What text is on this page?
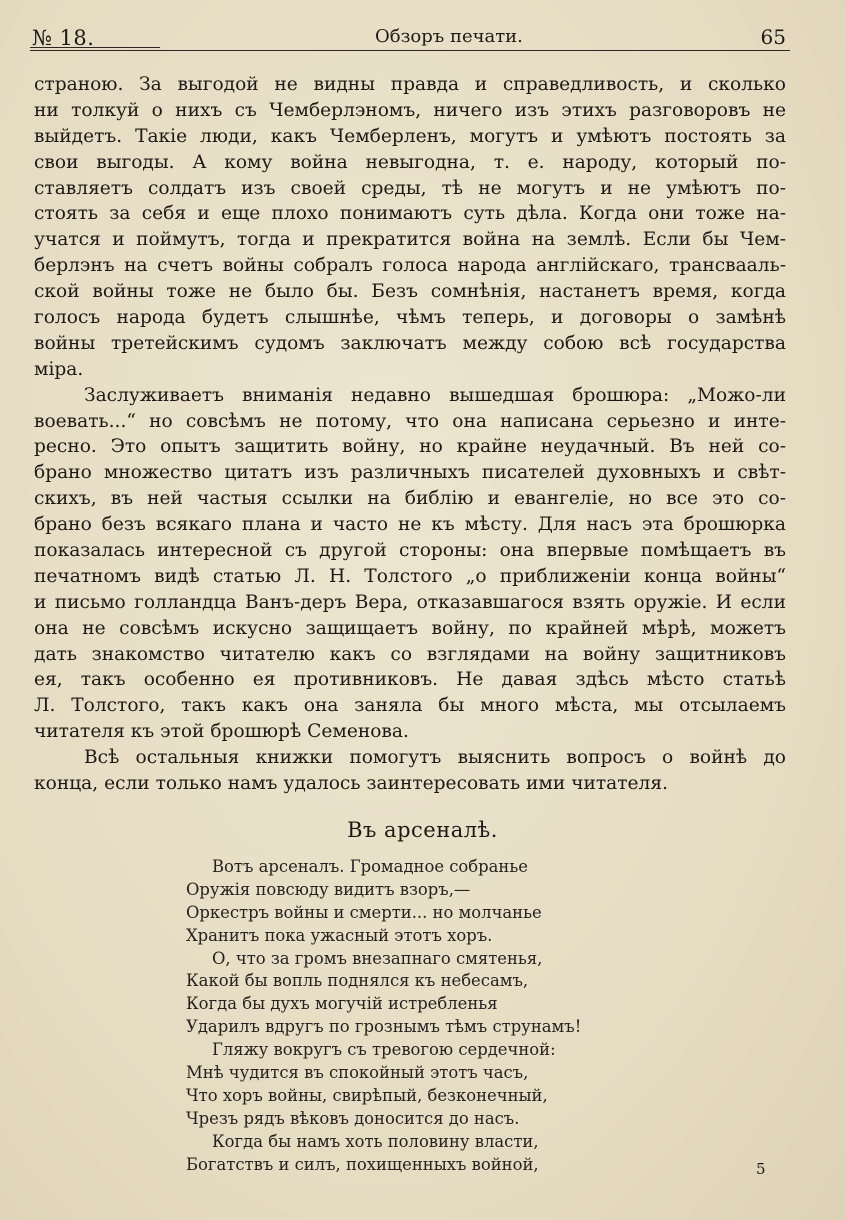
№ 18.	Обзоръ печати.	65
страною. За выгодой не видны правда и справедливость, и сколько
ни толкуй о нихъ съ Чемберлэномъ, ничего изъ этихъ разговоровъ не
выйдетъ. Такіе люди, какъ Чемберленъ, могутъ и умѣютъ постоять за
свои выгоды. А кому война невыгодна, т. е. народу, который по-
ставляетъ солдатъ изъ своей среды, тѣ не могутъ и не умѣютъ по-
стоять за себя и еще плохо понимаютъ суть дѣла. Когда они тоже на-
учатся и поймутъ, тогда и прекратится война на землѣ. Если бы Чем-
берлэнъ на счетъ войны собралъ голоса народа англійскаго, трансвааль-
ской войны тоже не было бы. Безъ сомнѣнія, настанетъ время, когда
голосъ народа будетъ слышнѣе, чѣмъ теперь, и договоры о замѣнѣ
войны третейскимъ судомъ заключатъ между собою всѣ государства
міра.
Заслуживаетъ вниманія недавно вышедшая брошюра: „Можо-ли
воевать...“ но совсѣмъ не потому, что она написана серьезно и инте-
ресно. Это опытъ защитить войну, но крайне неудачный. Въ ней со-
брано множество цитатъ изъ различныхъ писателей духовныхъ и свѣт-
скихъ, въ ней частыя ссылки на библію и евангеліе, но все это со-
брано безъ всякаго плана и часто не къ мѣсту. Для насъ эта брошюрка
показалась интересной съ другой стороны: она впервые помѣщаетъ въ
печатномъ видѣ статью Л. Н. Толстого „о приближеніи конца войны“
и письмо голландца Ванъ-деръ Вера, отказавшагося взять оружіе. И если
она не совсѣмъ искусно защищаетъ войну, по крайней мѣрѣ, можетъ
дать знакомство читателю какъ со взглядами на войну защитниковъ
ея, такъ особенно ея противниковъ. Не давая здѣсь мѣсто статьѣ
Л. Толстого, такъ какъ она заняла бы много мѣста, мы отсылаемъ
читателя къ этой брошюрѣ Семенова.
Всѣ остальныя книжки помогутъ выяснить вопросъ о войнѣ до
конца, если только намъ удалось заинтересовать ими читателя.
Въ арсеналѣ.
Вотъ арсеналъ. Громадное собранье
Оружія повсюду видитъ взоръ,—
Оркестръ войны и смерти... но молчанье
Хранитъ пока ужасный этотъ хоръ.
О, что за громъ внезапнаго смятенья,
Какой бы вопль поднялся къ небесамъ,
Когда бы духъ могучій истребленья
Ударилъ вдругъ по грознымъ тѣмъ струнамъ!
Гляжу вокругъ съ тревогою сердечной:
Мнѣ чудится въ спокойный этотъ часъ,
Что хоръ войны, свирѣпый, безконечный,
Чрезъ рядъ вѣковъ доносится до насъ.
Когда бы намъ хоть половину власти,
Богатствъ и силъ, похищенныхъ войной,	5
